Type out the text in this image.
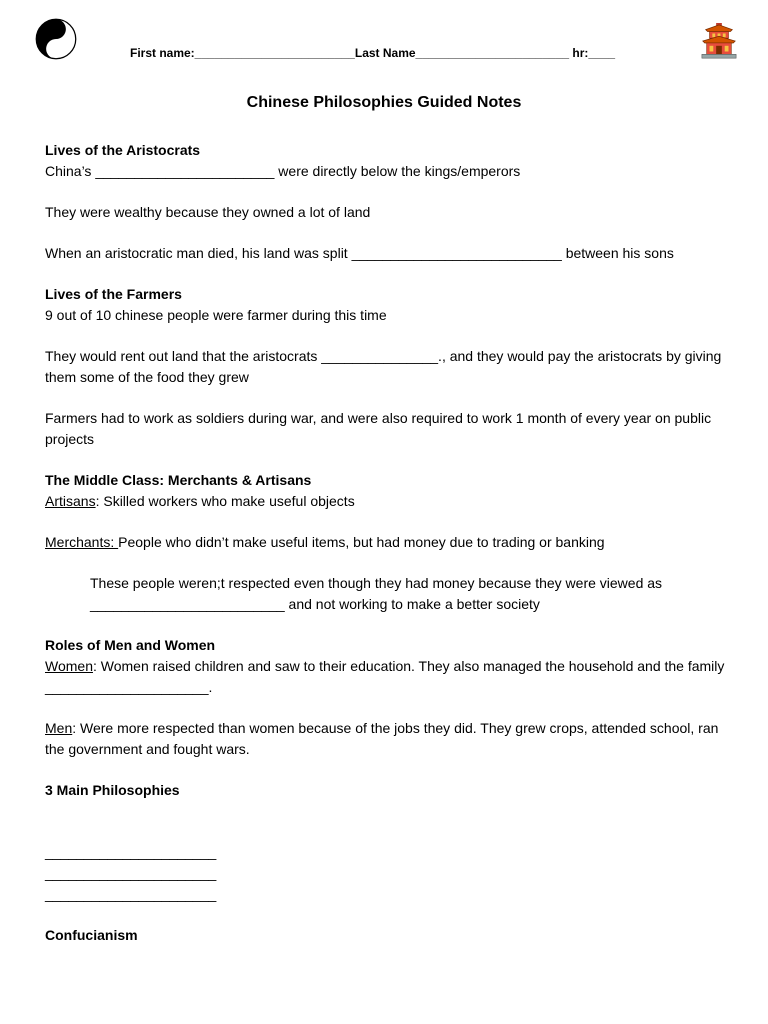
First name:________________________Last Name_______________________ hr:____
Chinese Philosophies Guided Notes

Lives of the Aristocrats

China’s _______________________ were directly below the kings/emperors

They were wealthy because they owned a lot of land

When an aristocratic man died, his land was split ___________________________ between his sons

Lives of the Farmers

9 out of 10 chinese people were farmer during this time

They would rent out land that the aristocrats _______________., and they would pay the aristocrats by giving them some of the food they grew

Farmers had to work as soldiers during war, and were also required to work 1 month of every year on public projects

The Middle Class: Merchants & Artisans

Artisans: Skilled workers who make useful objects

Merchants: People who didn’t make useful items, but had money due to trading or banking

These people weren;t respected even though they had money because they were viewed as _________________________ and not working to make a better society

Roles of Men and Women

Women: Women raised children and saw to their education. They also managed the household and the family _____________________.

Men: Were more respected than women because of the jobs they did. They grew crops, attended school, ran the government and fought wars.

3 Main Philosophies

______________________

______________________

______________________

Confucianism
